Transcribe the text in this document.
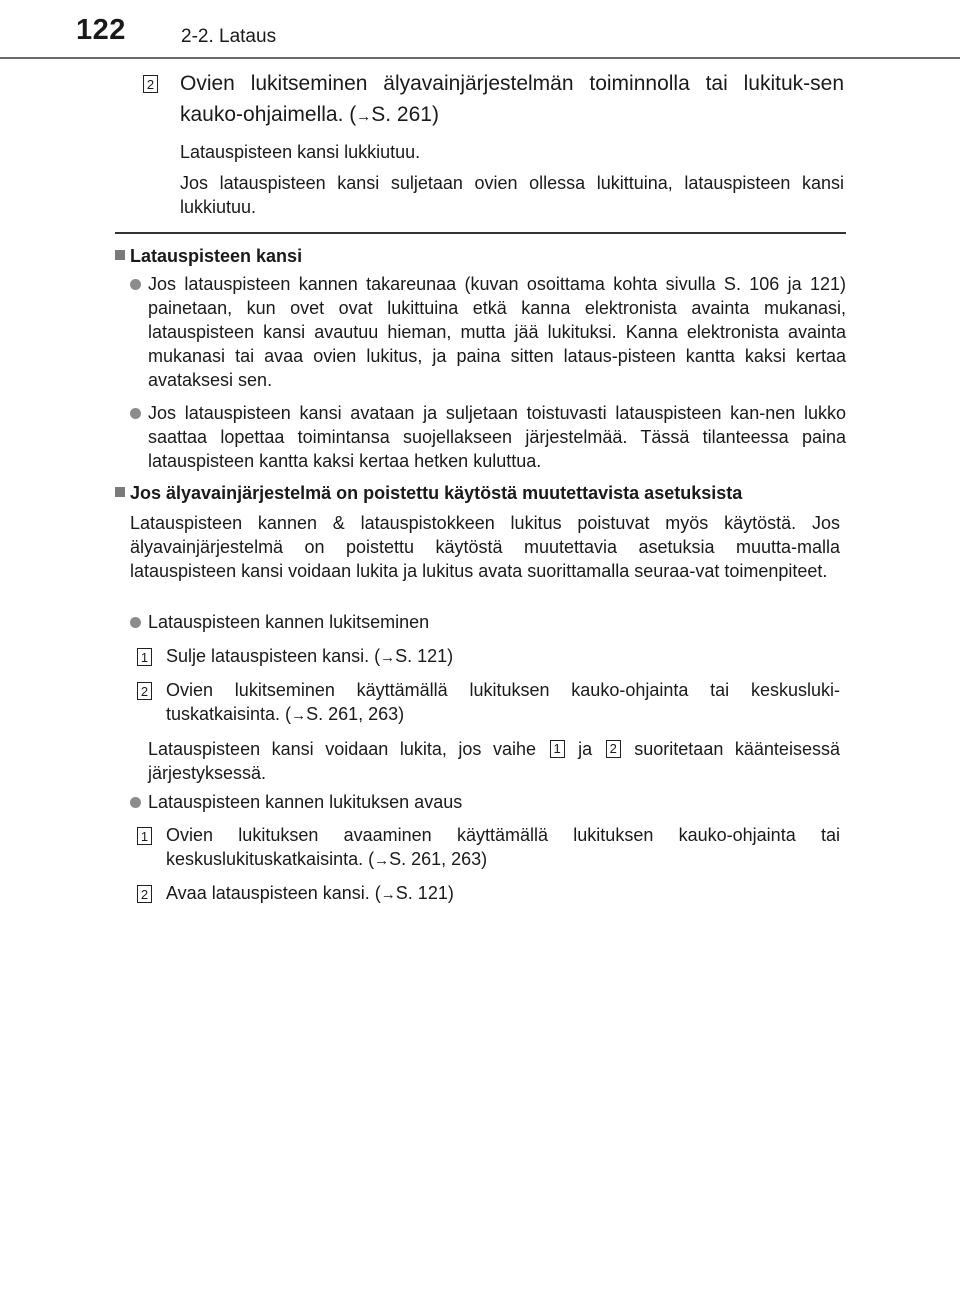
122	2-2. Lataus
2 Ovien lukitseminen älyavainjärjestelmän toiminnolla tai lukituk-sen kauko-ohjaimella. (→S. 261)
Latauspisteen kansi lukkiutuu.
Jos latauspisteen kansi suljetaan ovien ollessa lukittuina, latauspisteen kansi lukkiutuu.
Latauspisteen kansi
Jos latauspisteen kannen takareunaa (kuvan osoittama kohta sivulla S. 106 ja 121) painetaan, kun ovet ovat lukittuina etkä kanna elektronista avainta mukanasi, latauspisteen kansi avautuu hieman, mutta jää lukituksi. Kanna elektronista avainta mukanasi tai avaa ovien lukitus, ja paina sitten lataus-pisteen kantta kaksi kertaa avataksesi sen.
Jos latauspisteen kansi avataan ja suljetaan toistuvasti latauspisteen kan-nen lukko saattaa lopettaa toimintansa suojellakseen järjestelmää. Tässä tilanteessa paina latauspisteen kantta kaksi kertaa hetken kuluttua.
Jos älyavainjärjestelmä on poistettu käytöstä muutettavista asetuksista
Latauspisteen kannen & latauspistokkeen lukitus poistuvat myös käytöstä. Jos älyavainjärjestelmä on poistettu käytöstä muutettavia asetuksia muutta-malla latauspisteen kansi voidaan lukita ja lukitus avata suorittamalla seuraa-vat toimenpiteet.
Latauspisteen kannen lukitseminen
1 Sulje latauspisteen kansi. (→S. 121)
2 Ovien lukitseminen käyttämällä lukituksen kauko-ohjainta tai keskusluki-tuskatkaisinta. (→S. 261, 263)
Latauspisteen kansi voidaan lukita, jos vaihe 1 ja 2 suoritetaan käänteisessä järjestyksessä.
Latauspisteen kannen lukituksen avaus
1 Ovien lukituksen avaaminen käyttämällä lukituksen kauko-ohjainta tai keskuslukituskatkaisinta. (→S. 261, 263)
2 Avaa latauspisteen kansi. (→S. 121)
